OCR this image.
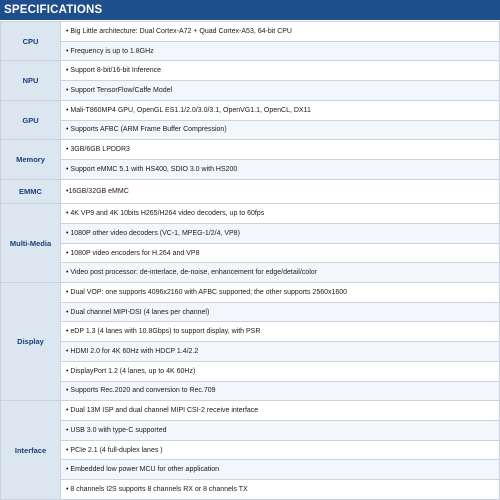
SPECIFICATIONS
CPU	• Big Little architecture: Dual Cortex-A72 + Quad Cortex-A53, 64-bit CPU
	• Frequency is up to 1.8GHz
NPU	• Support 8-bit/16-bit Inference
	• Support TensorFlow/Caffe Model
GPU	• Mali-T860MP4 GPU, OpenGL ES1.1/2.0/3.0/3.1, OpenVG1.1, OpenCL, DX11
	• Supports AFBC (ARM Frame Buffer Compression)
Memory	• 3GB/6GB LPDDR3
	• Support eMMC 5.1 with HS400, SDIO 3.0 with HS200
EMMC	•16GB/32GB eMMC
Multi-Media	• 4K VP9 and 4K 10bits H265/H264 video decoders, up to 60fps
	• 1080P other video decoders (VC-1, MPEG-1/2/4, VP8)
	• 1080P video encoders for H.264 and VP8
	• Video post processor: de-interlace, de-noise, enhancement for edge/detail/color
Display	• Dual VOP: one supports 4096x2160 with AFBC supported; the other supports 2560x1600
	• Dual channel MIPI-DSI (4 lanes per channel)
	• eDP 1.3 (4 lanes with 10.8Gbps) to support display, with PSR
	• HDMI 2.0 for 4K 60Hz with HDCP 1.4/2.2
	• DisplayPort 1.2 (4 lanes, up to 4K 60Hz)
	• Supports Rec.2020 and conversion to Rec.709
Interface	• Dual 13M ISP and dual channel MIPI CSI-2 receive interface
	• USB 3.0 with type-C supported
	• PCIe 2.1 (4 full-duplex lanes )
	• Embedded low power MCU for other application
	• 8 channels I2S supports 8 channels RX or 8 channels TX
